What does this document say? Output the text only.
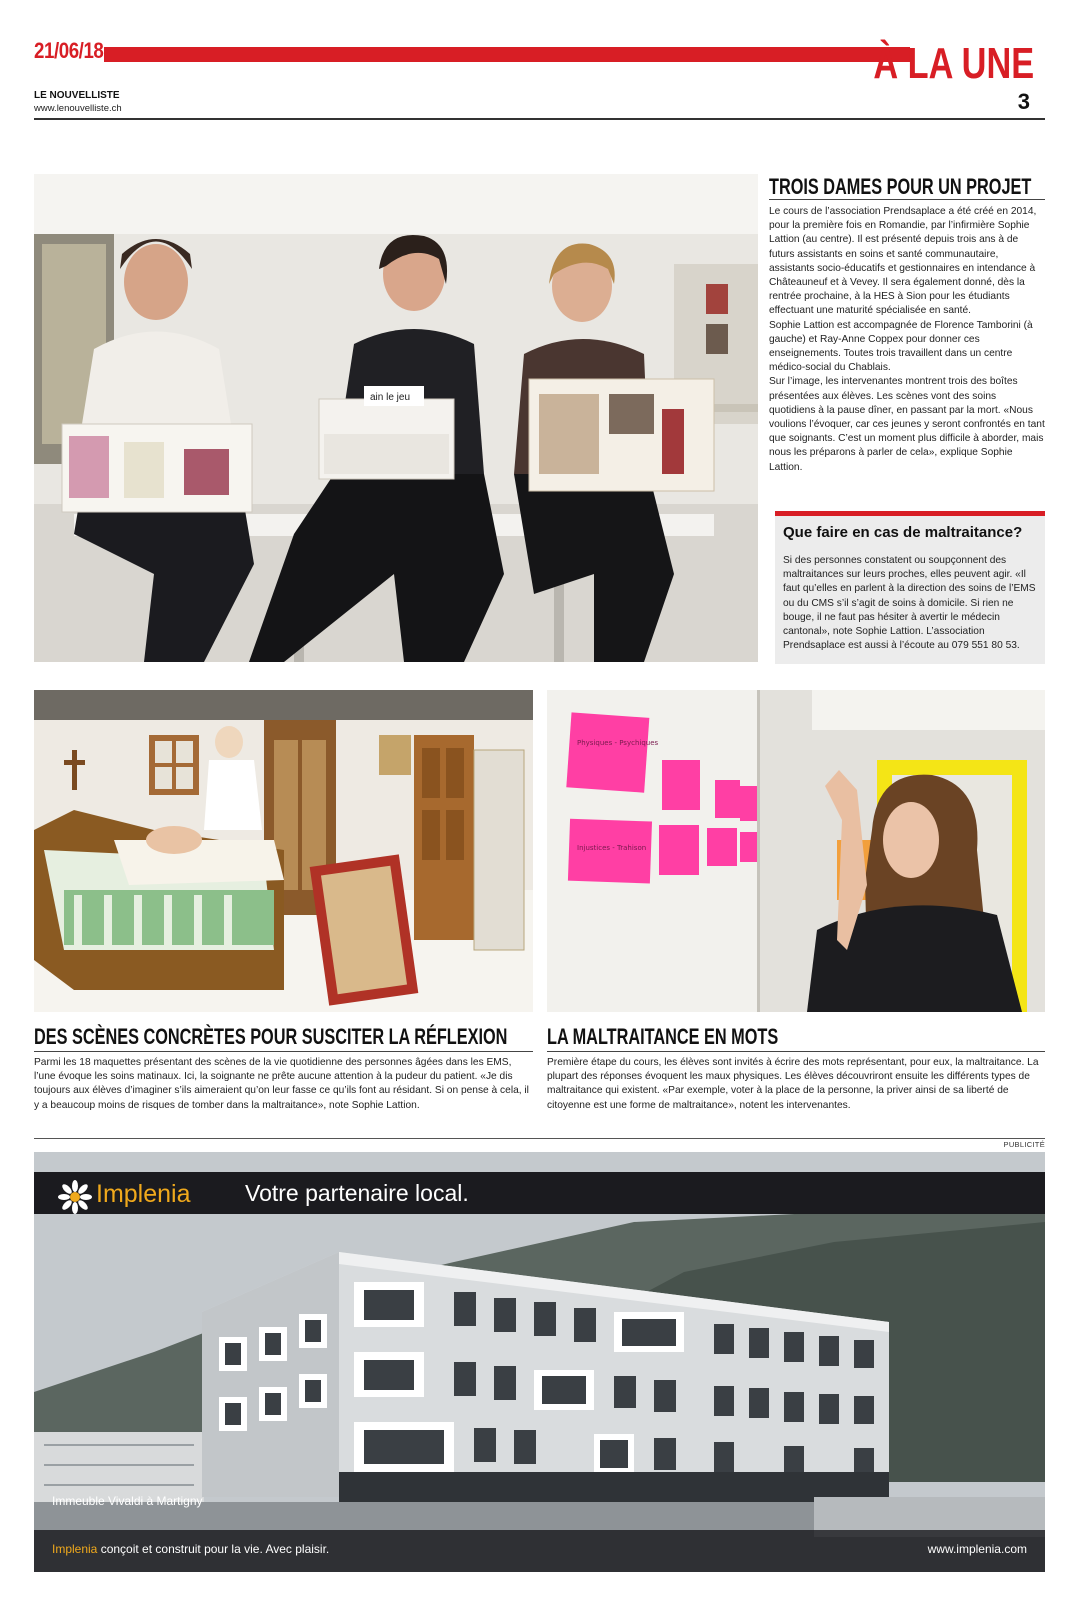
21/06/18	À LA UNE
LE NOUVELLISTE
www.lenouvelliste.ch	3
ain le jeu
TROIS DAMES POUR UN PROJET
Le cours de l’association Prendsaplace a été créé en 2014, pour la première fois en Romandie, par l’infirmière Sophie Lattion (au centre). Il est présenté depuis trois ans à de futurs assistants en soins et santé communautaire, assistants socio-éducatifs et gestionnaires en intendance à Châteauneuf et à Vevey. Il sera également donné, dès la rentrée prochaine, à la HES à Sion pour les étudiants effectuant une maturité spécialisée en santé.
Sophie Lattion est accompagnée de Florence Tamborini (à gauche) et Ray-Anne Coppex pour donner ces enseignements. Toutes trois travaillent dans un centre médico-social du Chablais.
Sur l’image, les intervenantes montrent trois des boîtes présentées aux élèves. Les scènes vont des soins quotidiens à la pause dîner, en passant par la mort. «Nous voulions l’évoquer, car ces jeunes y seront confrontés en tant que soignants. C’est un moment plus difficile à aborder, mais nous les préparons à parler de cela», explique Sophie Lattion.
Que faire en cas de maltraitance?
Si des personnes constatent ou soupçonnent des maltraitances sur leurs proches, elles peuvent agir. «Il faut qu’elles en parlent à la direction des soins de l’EMS ou du CMS s’il s’agit de soins à domicile. Si rien ne bouge, il ne faut pas hésiter à avertir le médecin cantonal», note Sophie Lattion. L’association Prendsaplace est aussi à l’écoute au 079 551 80 53.
Physiques - Psychiques
Injustices - Trahison
DES SCÈNES CONCRÈTES POUR SUSCITER LA RÉFLEXION
Parmi les 18 maquettes présentant des scènes de la vie quotidienne des personnes âgées dans les EMS, l’une évoque les soins matinaux. Ici, la soignante ne prête aucune attention à la pudeur du patient. «Je dis toujours aux élèves d’imaginer s’ils aimeraient qu’on leur fasse ce qu’ils font au résidant. Si on pense à cela, il y a beaucoup moins de risques de tomber dans la maltraitance», note Sophie Lattion.
LA MALTRAITANCE EN MOTS
Première étape du cours, les élèves sont invités à écrire des mots représentant, pour eux, la maltraitance. La plupart des réponses évoquent les maux physiques. Les élèves découvriront ensuite les différents types de maltraitance qui existent. «Par exemple, voter à la place de la personne, la priver ainsi de sa liberté de citoyenne est une forme de maltraitance», notent les intervenantes.
PUBLICITÉ
Implenia Votre partenaire local.
Immeuble Vivaldi à Martigny
Implenia conçoit et construit pour la vie. Avec plaisir.	www.implenia.com
